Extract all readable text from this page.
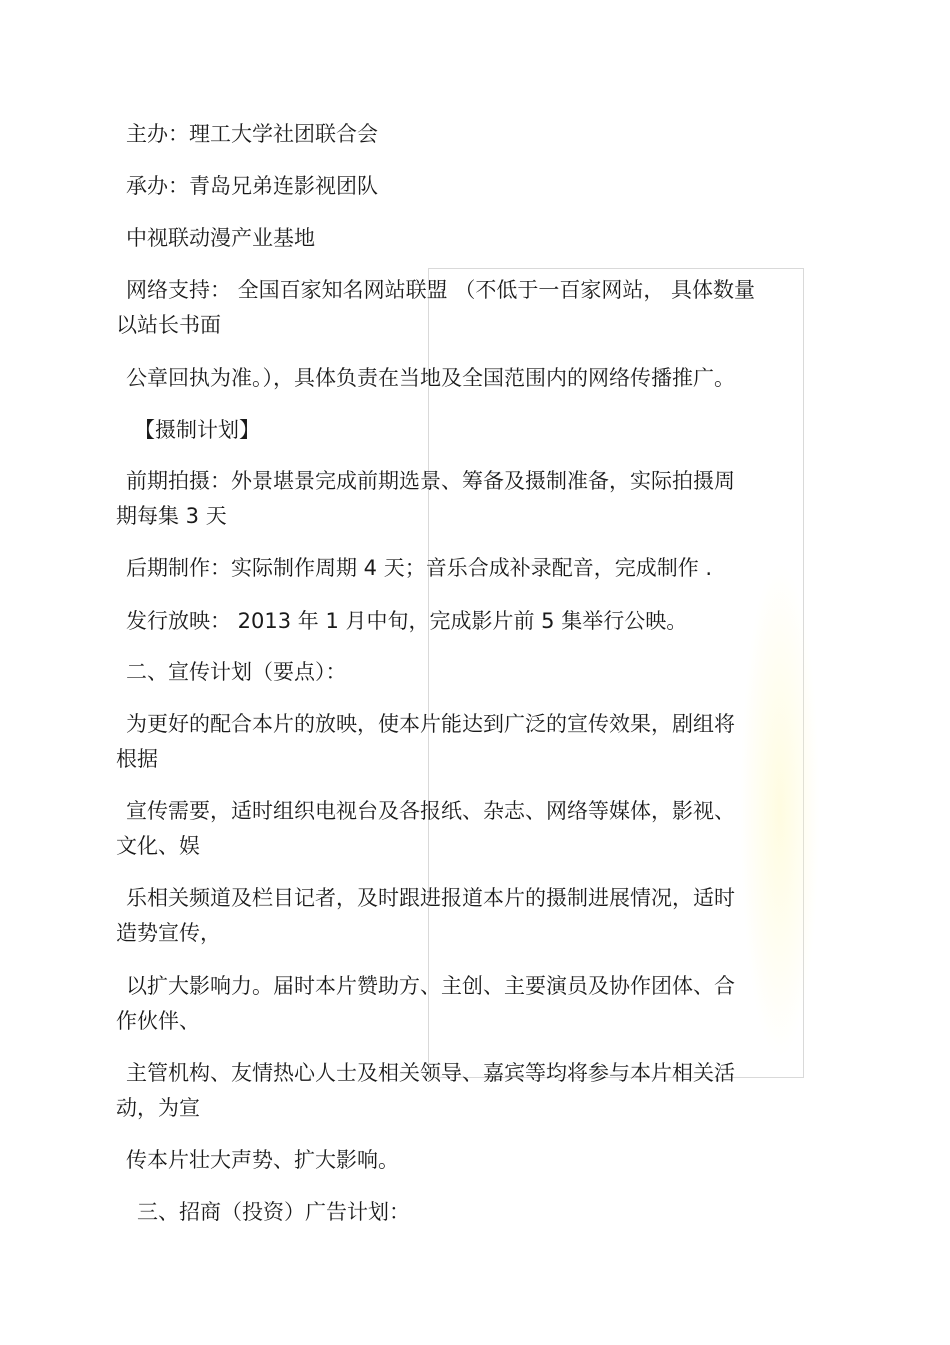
主办：理工大学社团联合会

承办：青岛兄弟连影视团队

中视联动漫产业基地

网络支持： 全国百家知名网站联盟 （不低于一百家网站， 具体数量

以站长书面

公章回执为准。），具体负责在当地及全国范围内的网络传播推广。

【摄制计划】

前期拍摄：外景堪景完成前期选景、筹备及摄制准备，实际拍摄周

期每集 3 天

后期制作：实际制作周期 4 天；音乐合成补录配音，完成制作 .

发行放映： 2013 年 1 月中旬，完成影片前 5 集举行公映。

二、宣传计划（要点）：

为更好的配合本片的放映，使本片能达到广泛的宣传效果，剧组将

根据

宣传需要，适时组织电视台及各报纸、杂志、网络等媒体，影视、

文化、娱

乐相关频道及栏目记者，及时跟进报道本片的摄制进展情况，适时

造势宣传，

以扩大影响力。届时本片赞助方、主创、主要演员及协作团体、合

作伙伴、

主管机构、友情热心人士及相关领导、嘉宾等均将参与本片相关活

动，为宣

传本片壮大声势、扩大影响。

三、招商（投资）广告计划：
